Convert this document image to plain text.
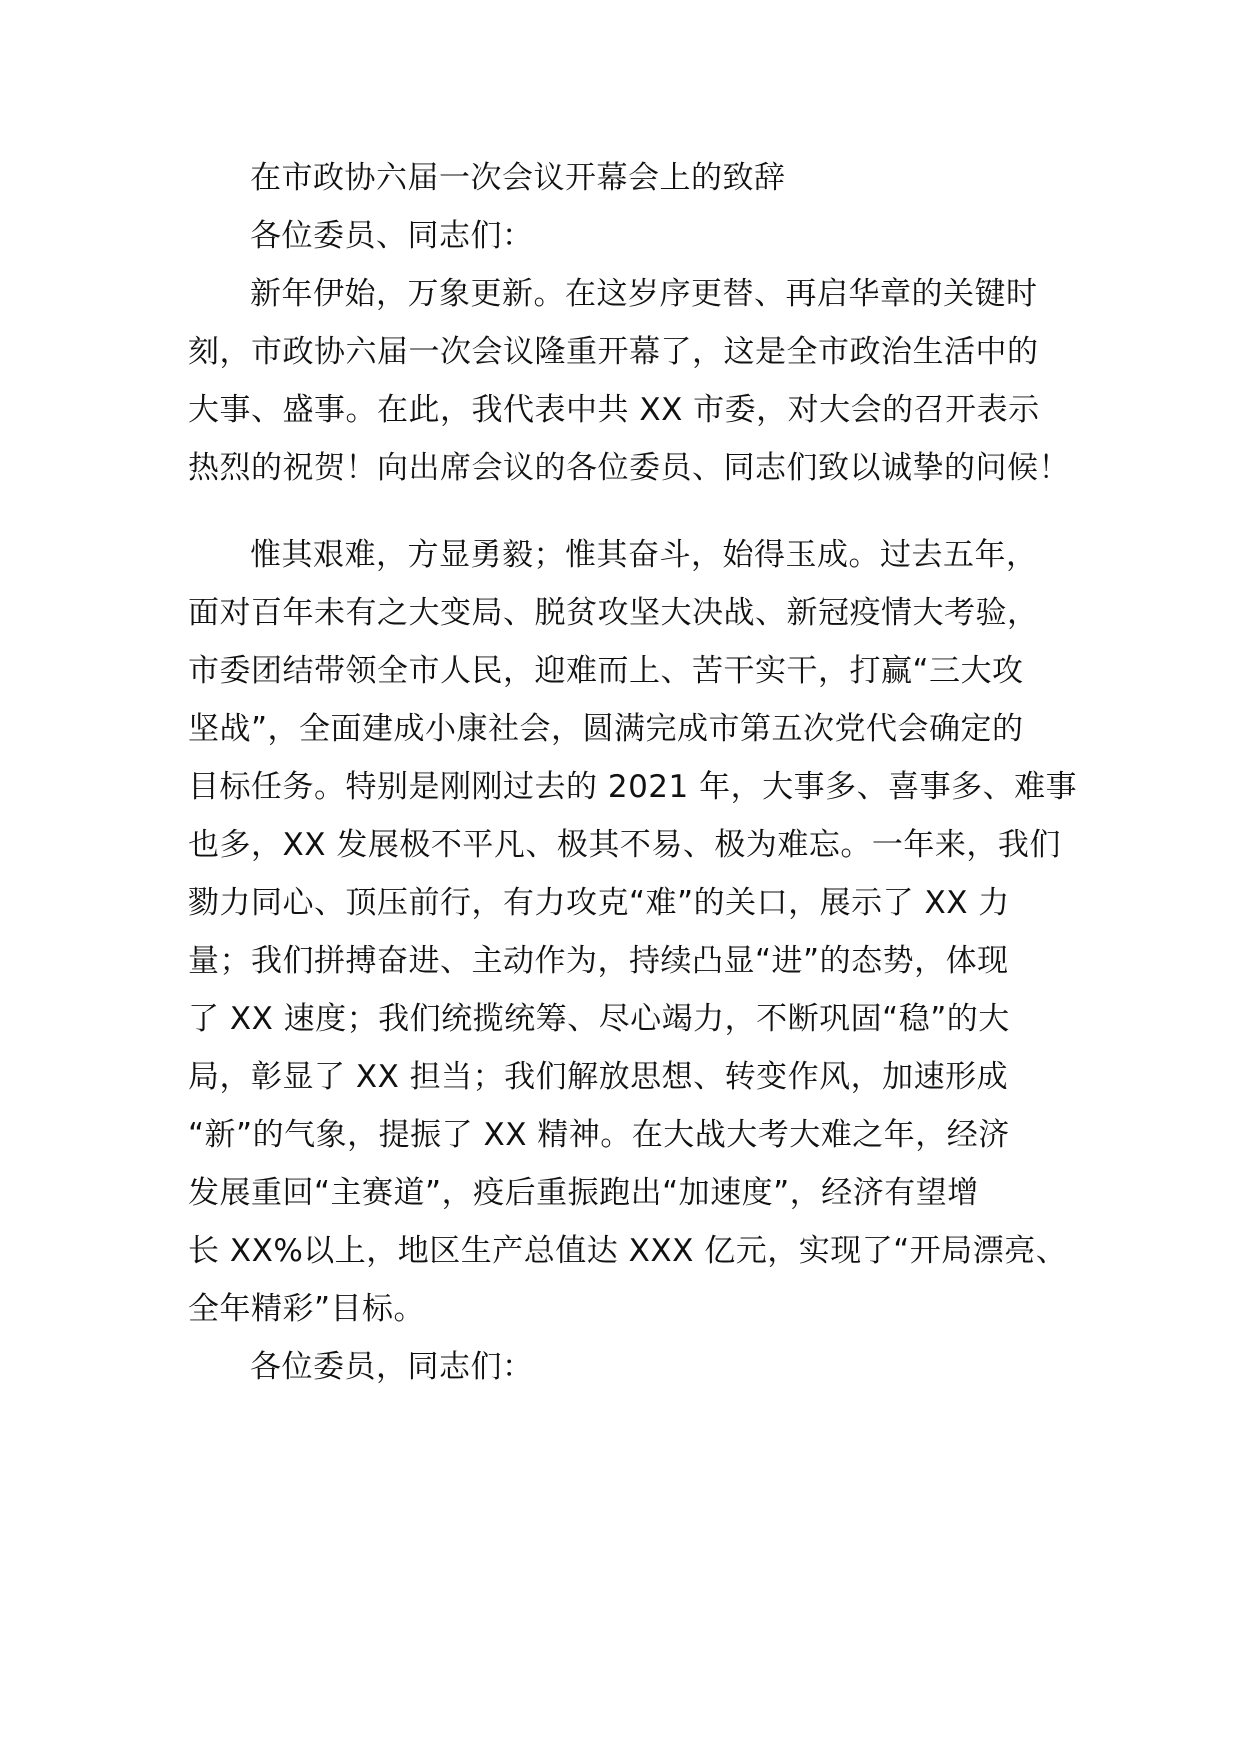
在市政协六届一次会议开幕会上的致辞
各位委员、同志们：
新年伊始，万象更新。在这岁序更替、再启华章的关键时
刻，市政协六届一次会议隆重开幕了，这是全市政治生活中的
大事、盛事。在此，我代表中共 XX 市委，对大会的召开表示
热烈的祝贺！向出席会议的各位委员、同志们致以诚挚的问候！
惟其艰难，方显勇毅；惟其奋斗，始得玉成。过去五年，
面对百年未有之大变局、脱贫攻坚大决战、新冠疫情大考验，
市委团结带领全市人民，迎难而上、苦干实干，打赢“三大攻
坚战”，全面建成小康社会，圆满完成市第五次党代会确定的
目标任务。特别是刚刚过去的 2021 年，大事多、喜事多、难事
也多，XX 发展极不平凡、极其不易、极为难忘。一年来，我们
勠力同心、顶压前行，有力攻克“难”的关口，展示了 XX 力
量；我们拼搏奋进、主动作为，持续凸显“进”的态势，体现
了 XX 速度；我们统揽统筹、尽心竭力，不断巩固“稳”的大
局，彰显了 XX 担当；我们解放思想、转变作风，加速形成
“新”的气象，提振了 XX 精神。在大战大考大难之年，经济
发展重回“主赛道”，疫后重振跑出“加速度”，经济有望增
长 XX%以上，地区生产总值达 XXX 亿元，实现了“开局漂亮、
全年精彩”目标。
各位委员，同志们：
